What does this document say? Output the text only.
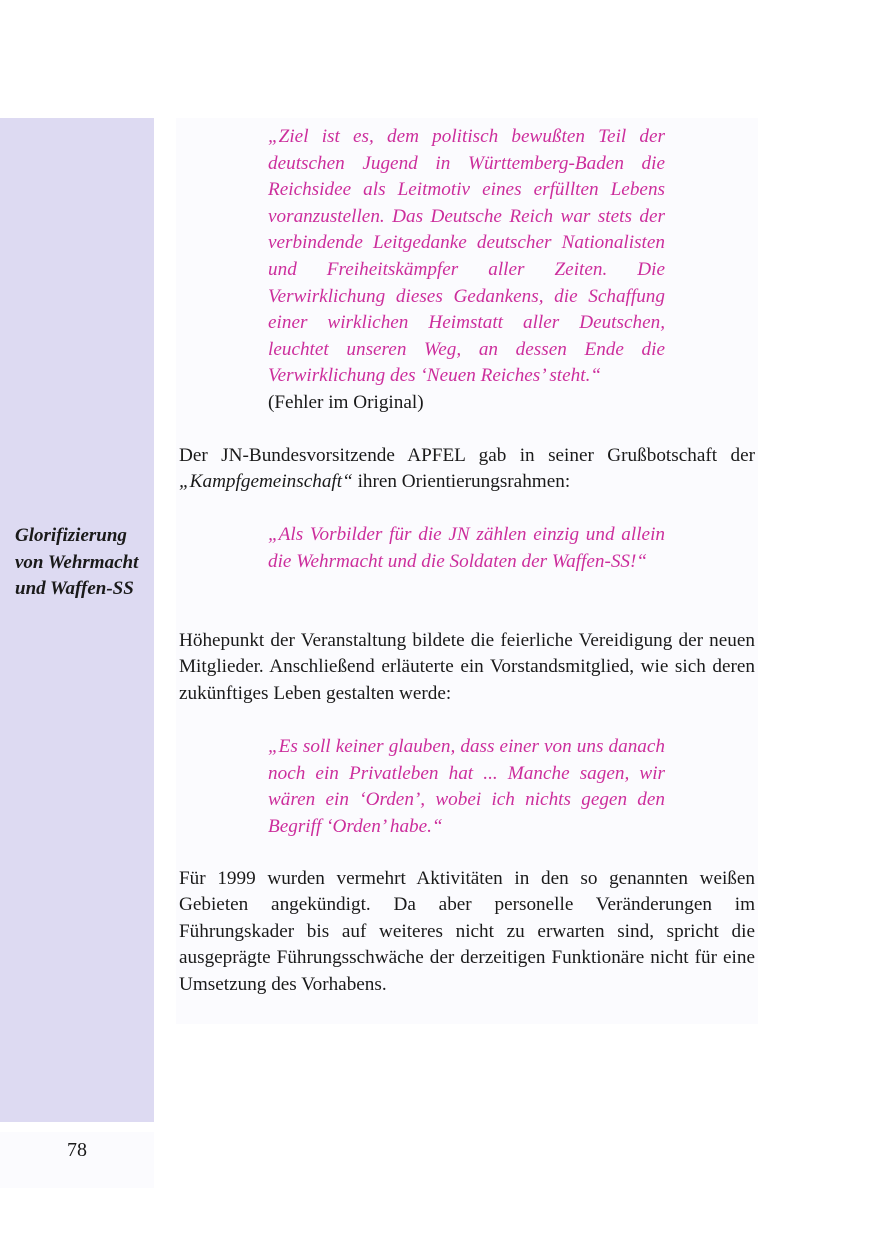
78
Glorifizierung
von Wehrmacht
und Waffen-SS
„Ziel ist es, dem politisch bewußten Teil der deutschen Jugend in Württemberg-Baden die Reichsidee als Leitmotiv eines erfüllten Lebens voranzustellen. Das Deutsche Reich war stets der verbindende Leitgedanke deutscher Nationalisten und Freiheitskämpfer aller Zeiten. Die Verwirklichung dieses Gedankens, die Schaffung einer wirklichen Heimstatt aller Deutschen, leuchtet unseren Weg, an dessen Ende die Verwirklichung des ‘Neuen Reiches’ steht.“
(Fehler im Original)
Der JN-Bundesvorsitzende APFEL gab in seiner Grußbotschaft der „Kampfgemeinschaft“ ihren Orientierungsrahmen:
„Als Vorbilder für die JN zählen einzig und allein die Wehrmacht und die Soldaten der Waffen-SS!“
Höhepunkt der Veranstaltung bildete die feierliche Vereidigung der neuen Mitglieder. Anschließend erläuterte ein Vorstandsmitglied, wie sich deren zukünftiges Leben gestalten werde:
„Es soll keiner glauben, dass einer von uns danach noch ein Privatleben hat ... Manche sagen, wir wären ein ‘Orden’, wobei ich nichts gegen den Begriff ‘Orden’ habe.“
Für 1999 wurden vermehrt Aktivitäten in den so genannten weißen Gebieten angekündigt. Da aber personelle Veränderungen im Führungskader bis auf weiteres nicht zu erwarten sind, spricht die ausgeprägte Führungsschwäche der derzeitigen Funktionäre nicht für eine Umsetzung des Vorhabens.
